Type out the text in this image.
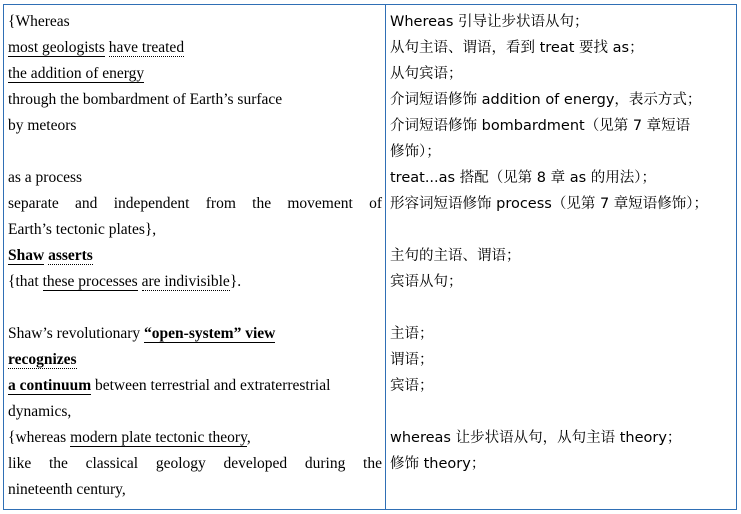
{Whereas
most geologists have treated
the addition of energy
through the bombardment of Earth’s surface
by meteors
as a process
separate and independent from the movement of
Earth’s tectonic plates},
Shaw asserts
{that these processes are indivisible}.
Shaw’s revolutionary “open-system” view
recognizes
a continuum between terrestrial and extraterrestrial
dynamics,
{whereas modern plate tectonic theory,
like the classical geology developed during the
nineteenth century,
Whereas 引导让步状语从句；
从句主语、谓语，看到 treat 要找 as；
从句宾语；
介词短语修饰 addition of energy，表示方式；
介词短语修饰 bombardment（见第 7 章短语
修饰）；
treat...as 搭配（见第 8 章 as 的用法）；
形容词短语修饰 process（见第 7 章短语修饰）；
主句的主语、谓语；
宾语从句；
主语；
谓语；
宾语；
whereas 让步状语从句，从句主语 theory；
修饰 theory；
